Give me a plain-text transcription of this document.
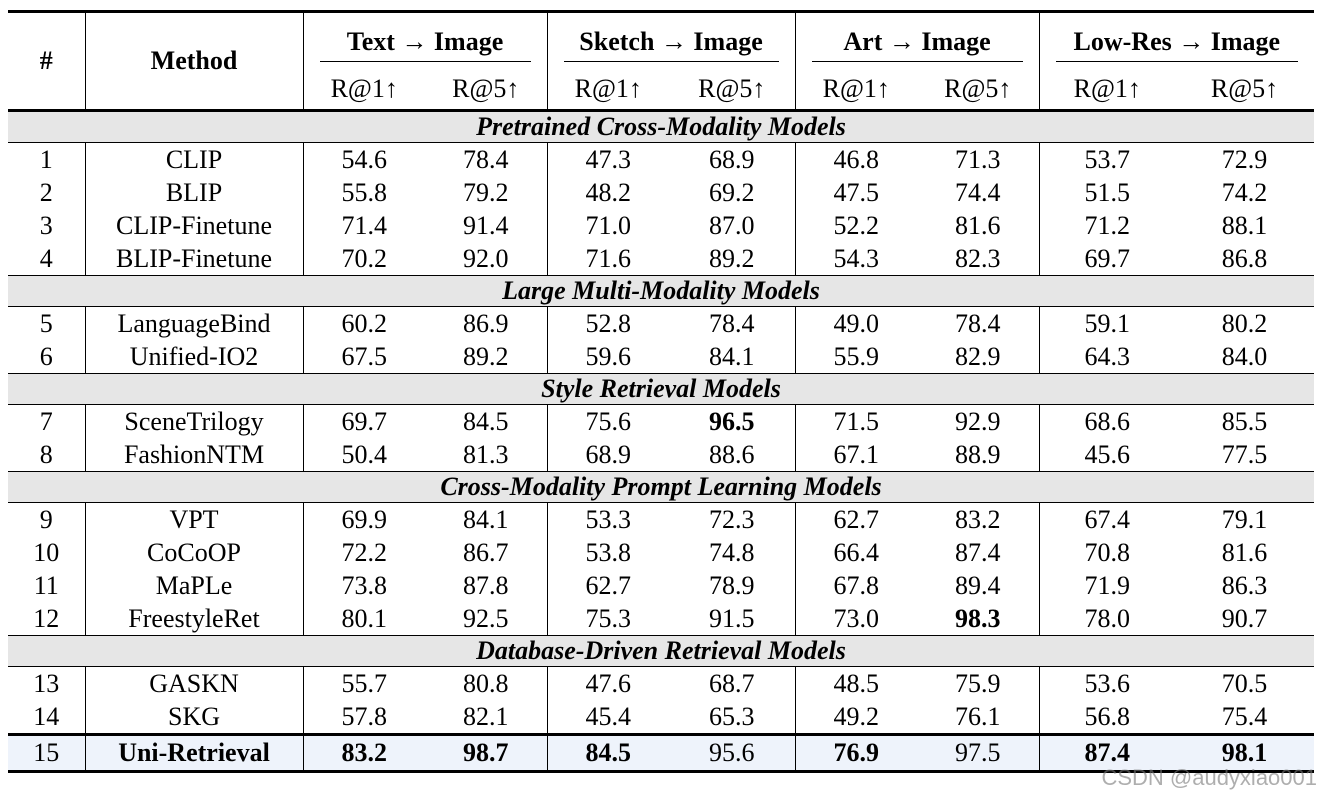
#	Method	Text → Image		Sketch → Image		Art → Image		Low-Res → Image	

		R@1↑	R@5↑	R@1↑	R@5↑	R@1↑	R@5↑	R@1↑	R@5↑
Pretrained Cross-Modality Models									
1	CLIP	54.6	78.4	47.3	68.9	46.8	71.3	53.7	72.9
2	BLIP	55.8	79.2	48.2	69.2	47.5	74.4	51.5	74.2
3	CLIP-Finetune	71.4	91.4	71.0	87.0	52.2	81.6	71.2	88.1
4	BLIP-Finetune	70.2	92.0	71.6	89.2	54.3	82.3	69.7	86.8
Large Multi-Modality Models									
5	LanguageBind	60.2	86.9	52.8	78.4	49.0	78.4	59.1	80.2
6	Unified-IO2	67.5	89.2	59.6	84.1	55.9	82.9	64.3	84.0
Style Retrieval Models									
7	SceneTrilogy	69.7	84.5	75.6	96.5	71.5	92.9	68.6	85.5
8	FashionNTM	50.4	81.3	68.9	88.6	67.1	88.9	45.6	77.5
Cross-Modality Prompt Learning Models									
9	VPT	69.9	84.1	53.3	72.3	62.7	83.2	67.4	79.1
10	CoCoOP	72.2	86.7	53.8	74.8	66.4	87.4	70.8	81.6
11	MaPLe	73.8	87.8	62.7	78.9	67.8	89.4	71.9	86.3
12	FreestyleRet	80.1	92.5	75.3	91.5	73.0	98.3	78.0	90.7
Database-Driven Retrieval Models									
13	GASKN	55.7	80.8	47.6	68.7	48.5	75.9	53.6	70.5
14	SKG	57.8	82.1	45.4	65.3	49.2	76.1	56.8	75.4
15	Uni-Retrieval	83.2	98.7	84.5	95.6	76.9	97.5	87.4	98.1
CSDN @audyxiao001
